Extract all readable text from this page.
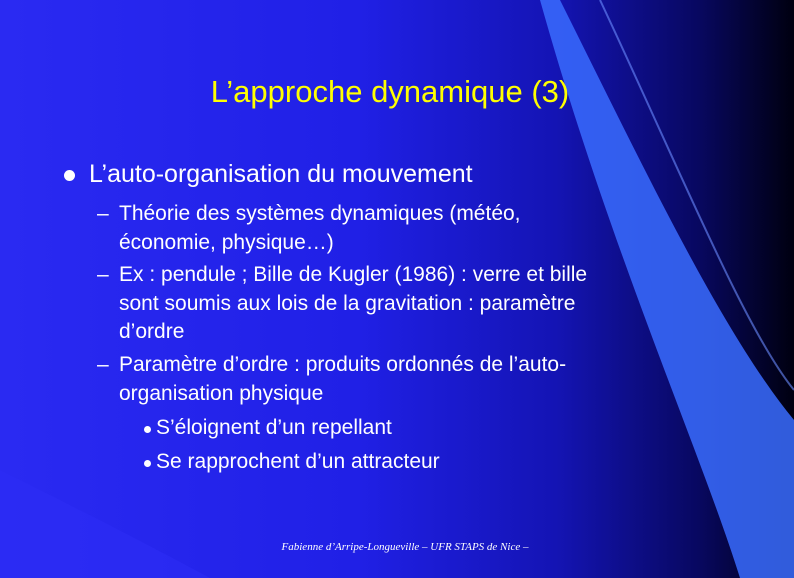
L’approche dynamique (3)
L’auto-organisation du mouvement
– Théorie des systèmes dynamiques (météo,
économie, physique…)
– Ex : pendule ; Bille de Kugler (1986) : verre et bille
sont soumis aux lois de la gravitation : paramètre
d’ordre
– Paramètre d’ordre : produits ordonnés de l’auto-
organisation physique
S’éloignent d’un repellant
Se rapprochent d’un attracteur
Fabienne d’Arripe-Longueville – UFR STAPS de Nice –
